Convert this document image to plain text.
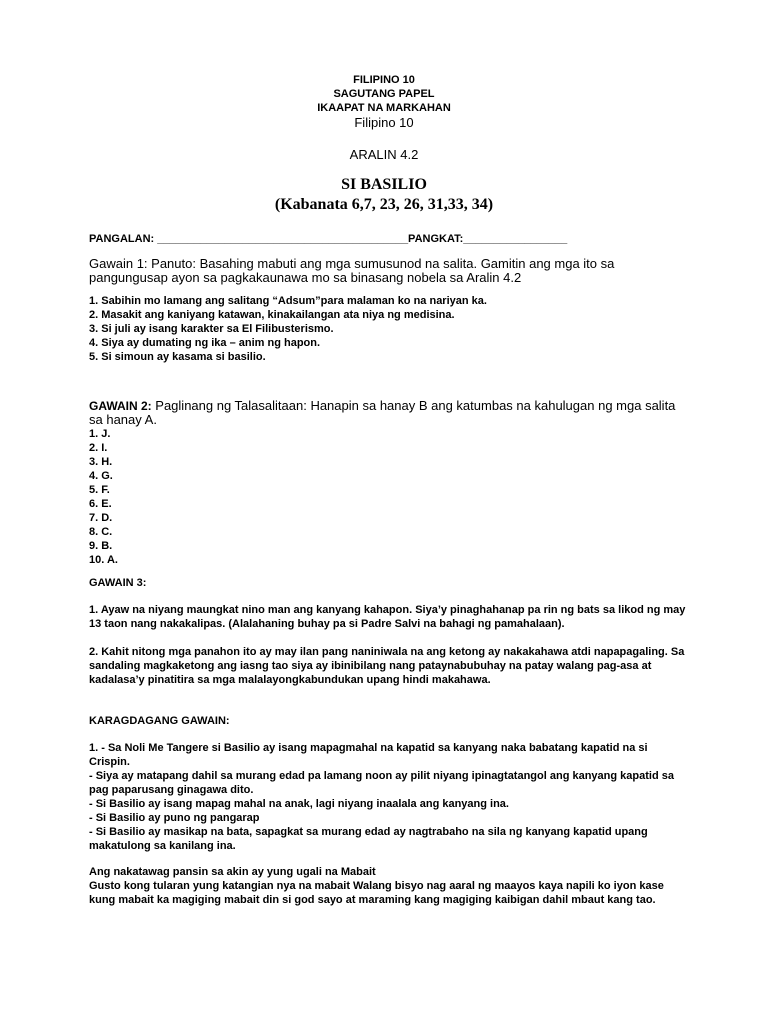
FILIPINO 10
SAGUTANG PAPEL
IKAAPAT NA MARKAHAN
Filipino 10
ARALIN 4.2
SI BASILIO
(Kabanata 6,7, 23, 26, 31,33, 34)
PANGALAN: _________________________________________PANGKAT:_________________

Gawain 1: Panuto: Basahing mabuti ang mga sumusunod na salita. Gamitin ang mga ito sa pangungusap ayon sa pagkakaunawa mo sa binasang nobela sa Aralin 4.2

1. Sabihin mo lamang ang salitang “Adsum”para malaman ko na nariyan ka.
2. Masakit ang kaniyang katawan, kinakailangan ata niya ng medisina.
3. Si juli ay isang karakter sa El Filibusterismo.
4. Siya ay dumating ng ika – anim ng hapon.
5. Si simoun ay kasama si basilio.

GAWAIN 2: Paglinang ng Talasalitaan: Hanapin sa hanay B ang katumbas na kahulugan ng mga salita sa hanay A.

1. J.
2. I.
3. H.
4. G.
5. F.
6. E.
7. D.
8. C.
9. B.
10. A.
GAWAIN 3:
1. Ayaw na niyang maungkat nino man ang kanyang kahapon. Siya’y pinaghahanap pa rin ng bats sa likod ng may 13 taon nang nakakalipas. (Alalahaning buhay pa si Padre Salvi na bahagi ng pamahalaan).
2. Kahit nitong mga panahon ito ay may ilan pang naniniwala na ang ketong ay nakakahawa atdi napapagaling. Sa sandaling magkaketong ang iasng tao siya ay ibinibilang nang pataynabubuhay na patay walang pag-asa at kadalasa’y pinatitira sa mga malalayongkabundukan upang hindi makahawa.
KARAGDAGANG GAWAIN:

1. - Sa Noli Me Tangere si Basilio ay isang mapagmahal na kapatid sa kanyang naka babatang kapatid na si Crispin.

- Siya ay matapang dahil sa murang edad pa lamang noon ay pilit niyang ipinagtatangol ang kanyang kapatid sa pag paparusang ginagawa dito.

- Si Basilio ay isang mapag mahal na anak, lagi niyang inaalala ang kanyang ina.

- Si Basilio ay puno ng pangarap

- Si Basilio ay masikap na bata, sapagkat sa murang edad ay nagtrabaho na sila ng kanyang kapatid upang makatulong sa kanilang ina.

Ang nakatawag pansin sa akin ay yung ugali na Mabait

Gusto kong tularan yung katangian nya na mabait Walang bisyo nag aaral ng maayos kaya napili ko iyon kase kung mabait ka magiging mabait din si god sayo at maraming kang magiging kaibigan dahil mbaut kang tao.
